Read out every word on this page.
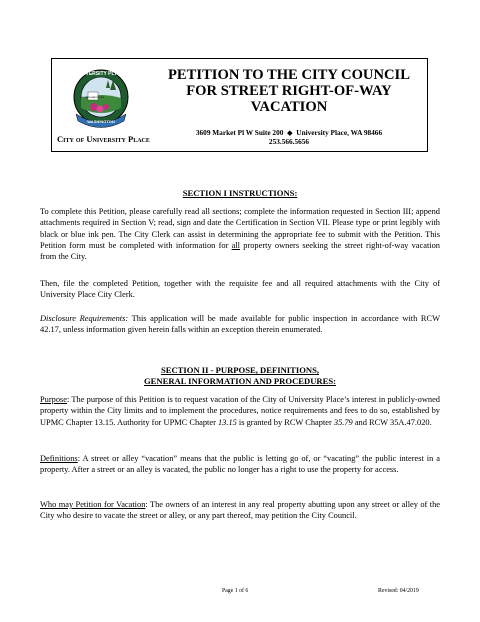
UNIVERSITY PLACE
INCORPORATED 1995
WASHINGTON
City of University Place
PETITION TO THE CITY COUNCIL
FOR STREET RIGHT-OF-WAY
VACATION
3609 Market Pl W Suite 200  ◆  University Place, WA 98466
253.566.5656
SECTION I INSTRUCTIONS:

To complete this Petition, please carefully read all sections; complete the information requested in Section III; append attachments required in Section V; read, sign and date the Certification in Section VII. Please type or print legibly with black or blue ink pen. The City Clerk can assist in determining the appropriate fee to submit with the Petition. This Petition form must be completed with information for all property owners seeking the street right-of-way vacation from the City.

Then, file the completed Petition, together with the requisite fee and all required attachments with the City of University Place City Clerk.

Disclosure Requirements: This application will be made available for public inspection in accordance with RCW 42.17, unless information given herein falls within an exception therein enumerated.

SECTION II - PURPOSE, DEFINITIONS,
GENERAL INFORMATION AND PROCEDURES:

Purpose: The purpose of this Petition is to request vacation of the City of University Place’s interest in publicly-owned property within the City limits and to implement the procedures, notice requirements and fees to do so, established by UPMC Chapter 13.15. Authority for UPMC Chapter 13.15 is granted by RCW Chapter 35.79 and RCW 35A.47.020.

Definitions: A street or alley “vacation” means that the public is letting go of, or “vacating” the public interest in a property. After a street or an alley is vacated, the public no longer has a right to use the property for access.

Who may Petition for Vacation: The owners of an interest in any real property abutting upon any street or alley of the City who desire to vacate the street or alley, or any part thereof, may petition the City Council.

Page 1 of 6	Revised: 04/2019
